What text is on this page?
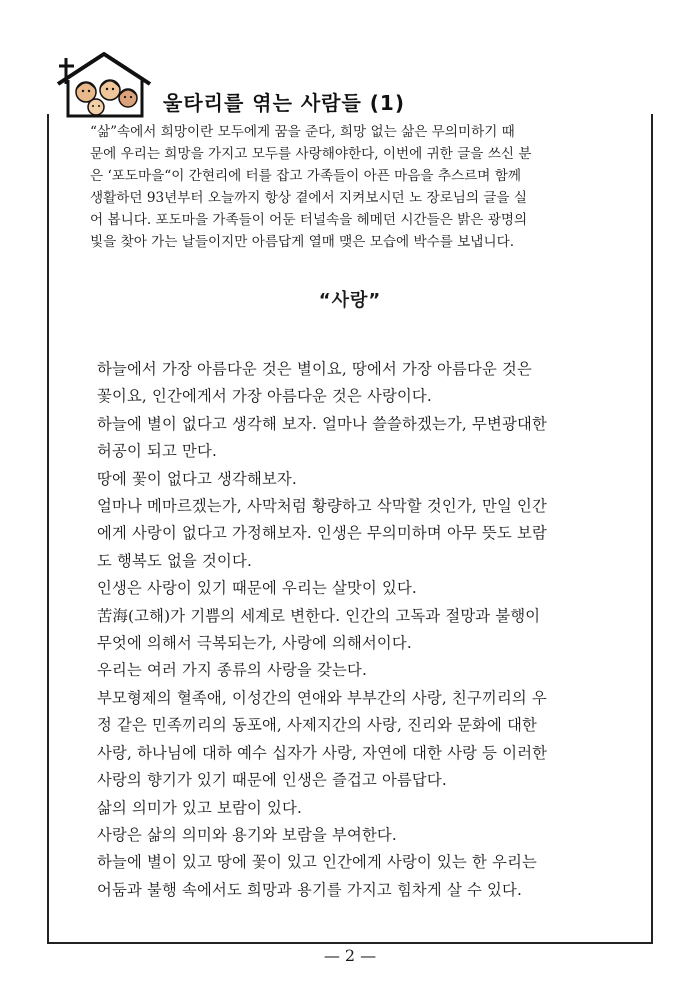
울타리를 엮는 사람들 (1)

“삶”속에서 희망이란 모두에게 꿈을 준다, 희망 없는 삶은 무의미하기 때

문에 우리는 희망을 가지고 모두를 사랑해야한다, 이번에 귀한 글을 쓰신 분

은 ‘포도마을“이 간현리에 터를 잡고 가족들이 아픈 마음을 추스르며 함께

생활하던 93년부터 오늘까지 항상 곁에서 지켜보시던 노 장로님의 글을 실

어 봅니다. 포도마을 가족들이 어둔 터널속을 헤메던 시간들은 밝은 광명의

빛을 찾아 가는 날들이지만 아름답게 열매 맺은 모습에 박수를 보냅니다.

“사랑”

하늘에서 가장 아름다운 것은 별이요, 땅에서 가장 아름다운 것은

꽃이요, 인간에게서 가장 아름다운 것은 사랑이다.

하늘에 별이 없다고 생각해 보자. 얼마나 쓸쓸하겠는가, 무변광대한

허공이 되고 만다.

땅에 꽃이 없다고 생각해보자.

얼마나 메마르겠는가, 사막처럼 황량하고 삭막할 것인가, 만일 인간

에게 사랑이 없다고 가정해보자. 인생은 무의미하며 아무 뜻도 보람

도 행복도 없을 것이다.

인생은 사랑이 있기 때문에 우리는 살맛이 있다.

苦海(고해)가 기쁨의 세계로 변한다. 인간의 고독과 절망과 불행이

무엇에 의해서 극복되는가, 사랑에 의해서이다.

우리는 여러 가지 종류의 사랑을 갖는다.

부모형제의 혈족애, 이성간의 연애와 부부간의 사랑, 친구끼리의 우

정 같은 민족끼리의 동포애, 사제지간의 사랑, 진리와 문화에 대한

사랑, 하나님에 대하 예수 십자가 사랑, 자연에 대한 사랑 등 이러한

사랑의 향기가 있기 때문에 인생은 즐겁고 아름답다.

삶의 의미가 있고 보람이 있다.

사랑은 삶의 의미와 용기와 보람을 부여한다.

하늘에 별이 있고 땅에 꽃이 있고 인간에게 사랑이 있는 한 우리는

어둠과 불행 속에서도 희망과 용기를 가지고 힘차게 살 수 있다.

— 2 —
